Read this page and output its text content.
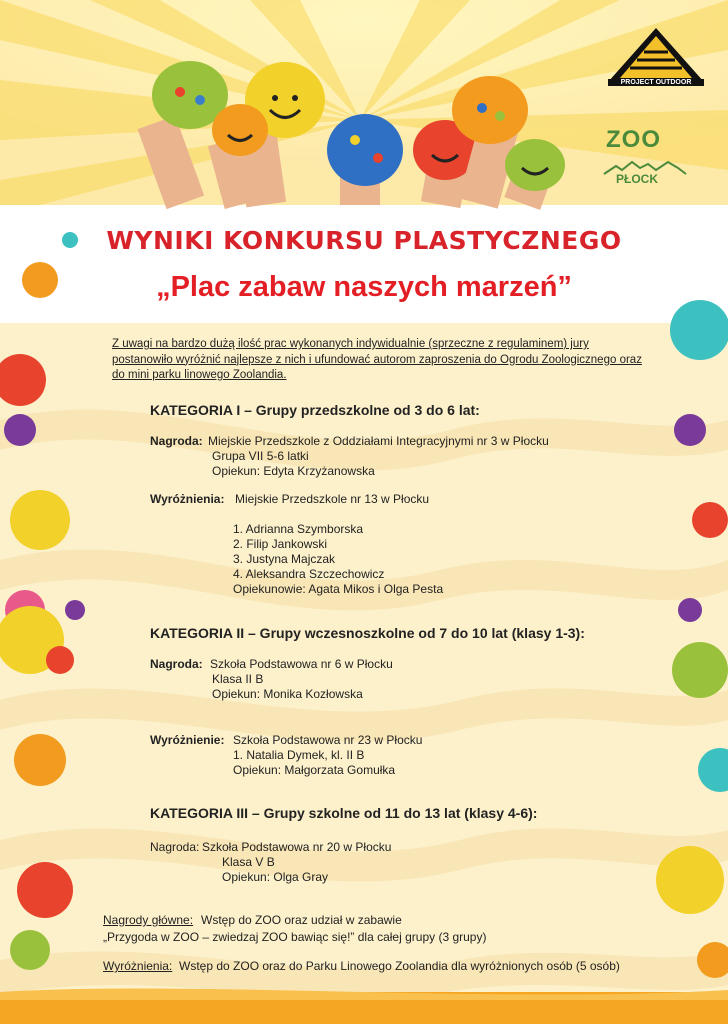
PROJECT OUTDOOR
ZOO
PŁOCK
WYNIKI KONKURSU PLASTYCZNEGO
„Plac zabaw naszych marzeń”
Z uwagi na bardzo dużą ilość prac wykonanych indywidualnie (sprzeczne z regulaminem) jury postanowiło wyróżnić najlepsze z nich i ufundować autorom zaproszenia do Ogrodu Zoologicznego oraz do mini parku linowego Zoolandia.
KATEGORIA I – Grupy przedszkolne od 3 do 6 lat:
Nagroda: Miejskie Przedszkole z Oddziałami Integracyjnymi nr 3 w Płocku
Grupa VII 5-6 latki
Opiekun: Edyta Krzyżanowska
Wyróżnienia: Miejskie Przedszkole nr 13 w Płocku
1. Adrianna Szymborska
2. Filip Jankowski
3. Justyna Majczak
4. Aleksandra Szczechowicz
Opiekunowie: Agata Mikos i Olga Pesta
KATEGORIA II – Grupy wczesnoszkolne od 7 do 10 lat (klasy 1-3):
Nagroda: Szkoła Podstawowa nr 6 w Płocku
Klasa II B
Opiekun: Monika Kozłowska
Wyróżnienie: Szkoła Podstawowa nr 23 w Płocku
1. Natalia Dymek, kl. II B
Opiekun: Małgorzata Gomułka
KATEGORIA III – Grupy szkolne od 11 do 13 lat (klasy 4-6):
Nagroda: Szkoła Podstawowa nr 20 w Płocku
Klasa V B
Opiekun: Olga Gray
Nagrody główne: Wstęp do ZOO oraz udział w zabawie
„Przygoda w ZOO – zwiedzaj ZOO bawiąc się!” dla całej grupy (3 grupy)
Wyróżnienia: Wstęp do ZOO oraz do Parku Linowego Zoolandia dla wyróżnionych osób (5 osób)
